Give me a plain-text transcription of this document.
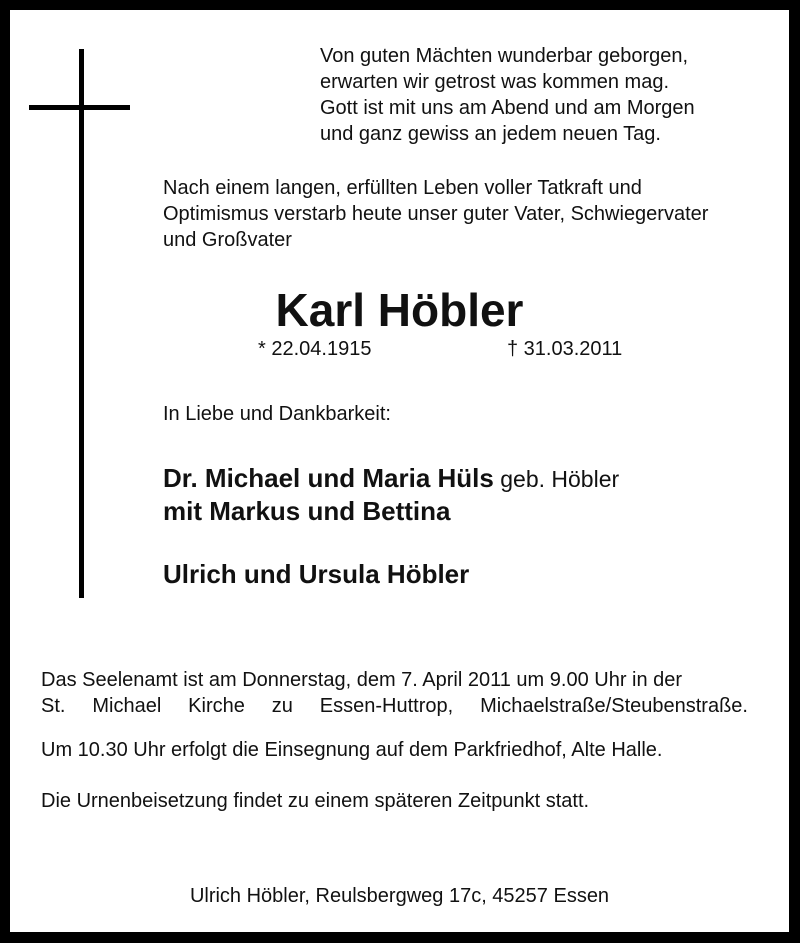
Von guten Mächten wunderbar geborgen,
erwarten wir getrost was kommen mag.
Gott ist mit uns am Abend und am Morgen
und ganz gewiss an jedem neuen Tag.
Nach einem langen, erfüllten Leben voller Tatkraft und
Optimismus verstarb heute unser guter Vater, Schwiegervater
und Großvater
Karl Höbler
* 22.04.1915	† 31.03.2011
In Liebe und Dankbarkeit:
Dr. Michael und Maria Hüls geb. Höbler
mit Markus und Bettina
Ulrich und Ursula Höbler
Das Seelenamt ist am Donnerstag, dem 7. April 2011 um 9.00 Uhr in der
St. Michael Kirche zu Essen-Huttrop, Michaelstraße/Steubenstraße.
Um 10.30 Uhr erfolgt die Einsegnung auf dem Parkfriedhof, Alte Halle.
Die Urnenbeisetzung findet zu einem späteren Zeitpunkt statt.
Ulrich Höbler, Reulsbergweg 17c, 45257 Essen
